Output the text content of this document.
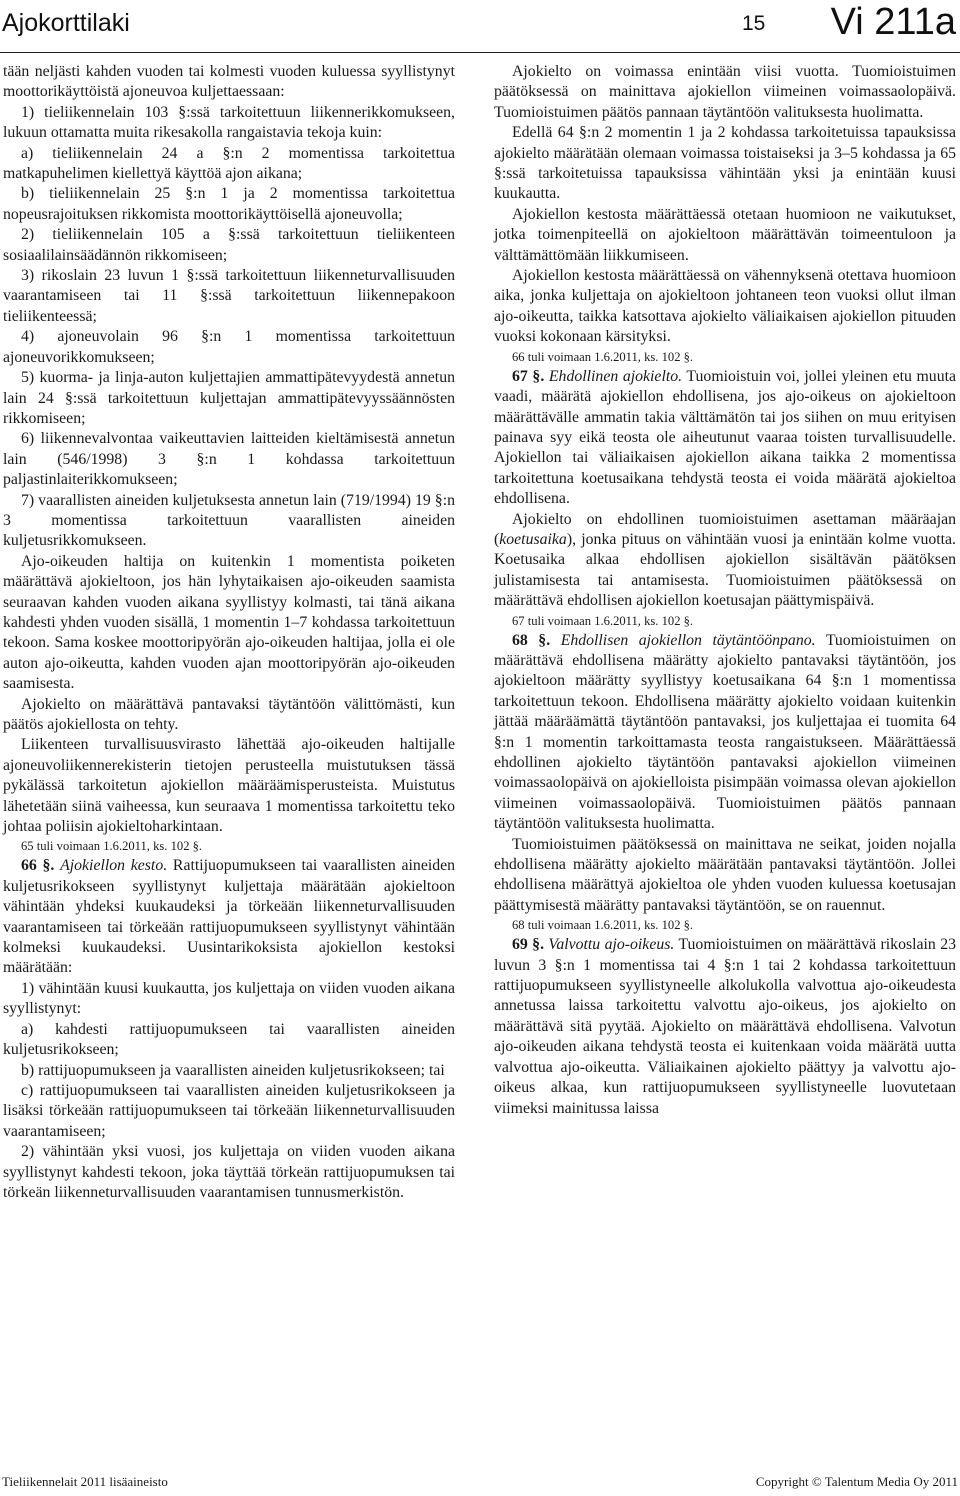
Ajokorttilaki	15 Vi 211a

tään neljästi kahden vuoden tai kolmesti vuoden kuluessa syyllistynyt moottorikäyttöistä ajoneuvoa kuljettaessaan:

1) tieliikennelain 103 §:ssä tarkoitettuun liikennerikkomukseen, lukuun ottamatta muita rikesakolla rangaistavia tekoja kuin:

a) tieliikennelain 24 a §:n 2 momentissa tarkoitettua matkapuhelimen kiellettyä käyttöä ajon aikana;

b) tieliikennelain 25 §:n 1 ja 2 momentissa tarkoitettua nopeusrajoituksen rikkomista moottorikäyttöisellä ajoneuvolla;

2) tieliikennelain 105 a §:ssä tarkoitettuun tieliikenteen sosiaalilainsäädännön rikkomiseen;

3) rikoslain 23 luvun 1 §:ssä tarkoitettuun liikenneturvallisuuden vaarantamiseen tai 11 §:ssä tarkoitettuun liikennepakoon tieliikenteessä;

4) ajoneuvolain 96 §:n 1 momentissa tarkoitettuun ajoneuvorikkomukseen;

5) kuorma- ja linja-auton kuljettajien ammattipätevyydestä annetun lain 24 §:ssä tarkoitettuun kuljettajan ammattipätevyyssäännösten rikkomiseen;

6) liikennevalvontaa vaikeuttavien laitteiden kieltämisestä annetun lain (546/1998) 3 §:n 1 kohdassa tarkoitettuun paljastinlaiterikkomukseen;

7) vaarallisten aineiden kuljetuksesta annetun lain (719/1994) 19 §:n 3 momentissa tarkoitettuun vaarallisten aineiden kuljetusrikkomukseen.

Ajo-oikeuden haltija on kuitenkin 1 momentista poiketen määrättävä ajokieltoon, jos hän lyhytaikaisen ajo-oikeuden saamista seuraavan kahden vuoden aikana syyllistyy kolmasti, tai tänä aikana kahdesti yhden vuoden sisällä, 1 momentin 1–7 kohdassa tarkoitettuun tekoon. Sama koskee moottoripyörän ajo-oikeuden haltijaa, jolla ei ole auton ajo-oikeutta, kahden vuoden ajan moottoripyörän ajo-oikeuden saamisesta.

Ajokielto on määrättävä pantavaksi täytäntöön välittömästi, kun päätös ajokiellosta on tehty.

Liikenteen turvallisuusvirasto lähettää ajo-oikeuden haltijalle ajoneuvoliikennerekisterin tietojen perusteella muistutuksen tässä pykälässä tarkoitetun ajokiellon määräämisperusteista. Muistutus lähetetään siinä vaiheessa, kun seuraava 1 momentissa tarkoitettu teko johtaa poliisin ajokieltoharkintaan.

65 tuli voimaan 1.6.2011, ks. 102 §.

66 §. Ajokiellon kesto. Rattijuopumukseen tai vaarallisten aineiden kuljetusrikokseen syyllistynyt kuljettaja määrätään ajokieltoon vähintään yhdeksi kuukaudeksi ja törkeään liikenneturvallisuuden vaarantamiseen tai törkeään rattijuopumukseen syyllistynyt vähintään kolmeksi kuukaudeksi. Uusintarikoksista ajokiellon kestoksi määrätään:

1) vähintään kuusi kuukautta, jos kuljettaja on viiden vuoden aikana syyllistynyt:

a) kahdesti rattijuopumukseen tai vaarallisten aineiden kuljetusrikokseen;

b) rattijuopumukseen ja vaarallisten aineiden kuljetusrikokseen; tai

c) rattijuopumukseen tai vaarallisten aineiden kuljetusrikokseen ja lisäksi törkeään rattijuopumukseen tai törkeään liikenneturvallisuuden vaarantamiseen;

2) vähintään yksi vuosi, jos kuljettaja on viiden vuoden aikana syyllistynyt kahdesti tekoon, joka täyttää törkeän rattijuopumuksen tai törkeän liikenneturvallisuuden vaarantamisen tunnusmerkistön.

Ajokielto on voimassa enintään viisi vuotta. Tuomioistuimen päätöksessä on mainittava ajokiellon viimeinen voimassaolopäivä. Tuomioistuimen päätös pannaan täytäntöön valituksesta huolimatta.

Edellä 64 §:n 2 momentin 1 ja 2 kohdassa tarkoitetuissa tapauksissa ajokielto määrätään olemaan voimassa toistaiseksi ja 3–5 kohdassa ja 65 §:ssä tarkoitetuissa tapauksissa vähintään yksi ja enintään kuusi kuukautta.

Ajokiellon kestosta määrättäessä otetaan huomioon ne vaikutukset, jotka toimenpiteellä on ajokieltoon määrättävän toimeentuloon ja välttämättömään liikkumiseen.

Ajokiellon kestosta määrättäessä on vähennyksenä otettava huomioon aika, jonka kuljettaja on ajokieltoon johtaneen teon vuoksi ollut ilman ajo-oikeutta, taikka katsottava ajokielto väliaikaisen ajokiellon pituuden vuoksi kokonaan kärsityksi.

66 tuli voimaan 1.6.2011, ks. 102 §.

67 §. Ehdollinen ajokielto. Tuomioistuin voi, jollei yleinen etu muuta vaadi, määrätä ajokiellon ehdollisena, jos ajo-oikeus on ajokieltoon määrättävälle ammatin takia välttämätön tai jos siihen on muu erityisen painava syy eikä teosta ole aiheutunut vaaraa toisten turvallisuudelle. Ajokiellon tai väliaikaisen ajokiellon aikana taikka 2 momentissa tarkoitettuna koetusaikana tehdystä teosta ei voida määrätä ajokieltoa ehdollisena.

Ajokielto on ehdollinen tuomioistuimen asettaman määräajan (koetusaika), jonka pituus on vähintään vuosi ja enintään kolme vuotta. Koetusaika alkaa ehdollisen ajokiellon sisältävän päätöksen julistamisesta tai antamisesta. Tuomioistuimen päätöksessä on määrättävä ehdollisen ajokiellon koetusajan päättymispäivä.

67 tuli voimaan 1.6.2011, ks. 102 §.

68 §. Ehdollisen ajokiellon täytäntöönpano. Tuomioistuimen on määrättävä ehdollisena määrätty ajokielto pantavaksi täytäntöön, jos ajokieltoon määrätty syyllistyy koetusaikana 64 §:n 1 momentissa tarkoitettuun tekoon. Ehdollisena määrätty ajokielto voidaan kuitenkin jättää määräämättä täytäntöön pantavaksi, jos kuljettajaa ei tuomita 64 §:n 1 momentin tarkoittamasta teosta rangaistukseen. Määrättäessä ehdollinen ajokielto täytäntöön pantavaksi ajokiellon viimeinen voimassaolopäivä on ajokielloista pisimpään voimassa olevan ajokiellon viimeinen voimassaolopäivä. Tuomioistuimen päätös pannaan täytäntöön valituksesta huolimatta.

Tuomioistuimen päätöksessä on mainittava ne seikat, joiden nojalla ehdollisena määrätty ajokielto määrätään pantavaksi täytäntöön. Jollei ehdollisena määrättyä ajokieltoa ole yhden vuoden kuluessa koetusajan päättymisestä määrätty pantavaksi täytäntöön, se on rauennut.

68 tuli voimaan 1.6.2011, ks. 102 §.

69 §. Valvottu ajo-oikeus. Tuomioistuimen on määrättävä rikoslain 23 luvun 3 §:n 1 momentissa tai 4 §:n 1 tai 2 kohdassa tarkoitettuun rattijuopumukseen syyllistyneelle alkolukolla valvottua ajo-oikeudesta annetussa laissa tarkoitettu valvottu ajo-oikeus, jos ajokielto on määrättävä sitä pyytää. Ajokielto on määrättävä ehdollisena. Valvotun ajo-oikeuden aikana tehdystä teosta ei kuitenkaan voida määrätä uutta valvottua ajo-oikeutta. Väliaikainen ajokielto päättyy ja valvottu ajo-oikeus alkaa, kun rattijuopumukseen syyllistyneelle luovutetaan viimeksi mainitussa laissa

Tieliikennelait 2011 lisäaineisto	Copyright © Talentum Media Oy 2011
